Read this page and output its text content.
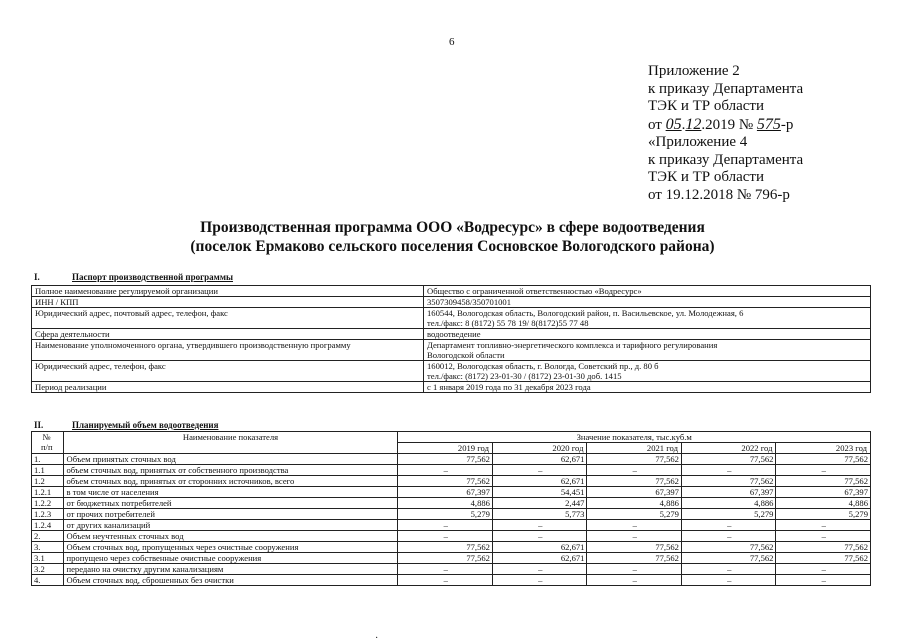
6
Приложение 2
к приказу Департамента
ТЭК и ТР области
от 05.12.2019 № 575-р
«Приложение 4
к приказу Департамента
ТЭК и ТР области
от 19.12.2018 № 796-р
Производственная программа ООО «Водресурс» в сфере водоотведения
(поселок Ермаково сельского поселения Сосновское Вологодского района)
I.	Паспорт производственной программы
Полное наименование регулируемой организации	Общество с ограниченной ответственностью «Водресурс»

ИНН / КПП	3507309458/350701001

Юридический адрес, почтовый адрес, телефон, факс	160544, Вологодская область, Вологодский район, п. Васильевское, ул. Молодежная, 6
тел./факс: 8 (8172) 55 78 19/ 8(8172)55 77 48

Сфера деятельности	водоотведение

Наименование уполномоченного органа, утвердившего производственную программу	Департамент топливно-энергетического комплекса и тарифного регулирования
Вологодской области

Юридический адрес, телефон, факс	160012, Вологодская область, г. Вологда, Советский пр., д. 80 б
тел./факс: (8172) 23-01-30 / (8172) 23-01-30 доб. 1415

Период реализации	с 1 января 2019 года по 31 декабря 2023 года
II.	Планируемый объем водоотведения
№
п/п	Наименование показателя	Значение показателя, тыс.куб.м				
		2019 год	2020 год	2021 год	2022 год	2023 год
1.	Объем принятых сточных вод	77,562	62,671	77,562	77,562	77,562
1.1	объем сточных вод, принятых от собственного производства	–	–	–	–	–
1.2	объем сточных вод, принятых от сторонних источников, всего	77,562	62,671	77,562	77,562	77,562
1.2.1	в том числе от населения	67,397	54,451	67,397	67,397	67,397
1.2.2	от бюджетных потребителей	4,886	2,447	4,886	4,886	4,886
1.2.3	от прочих потребителей	5,279	5,773	5,279	5,279	5,279
1.2.4	от других канализаций	–	–	–	–	–
2.	Объем неучтенных сточных вод	–	–	–	–	–
3.	Объем сточных вод, пропущенных через очистные сооружения	77,562	62,671	77,562	77,562	77,562
3.1	пропущено через собственные очистные сооружения	77,562	62,671	77,562	77,562	77,562
3.2	передано на очистку другим канализациям	–	–	–	–	–
4.	Объем сточных вод, сброшенных без очистки	–	–	–	–	–
·
